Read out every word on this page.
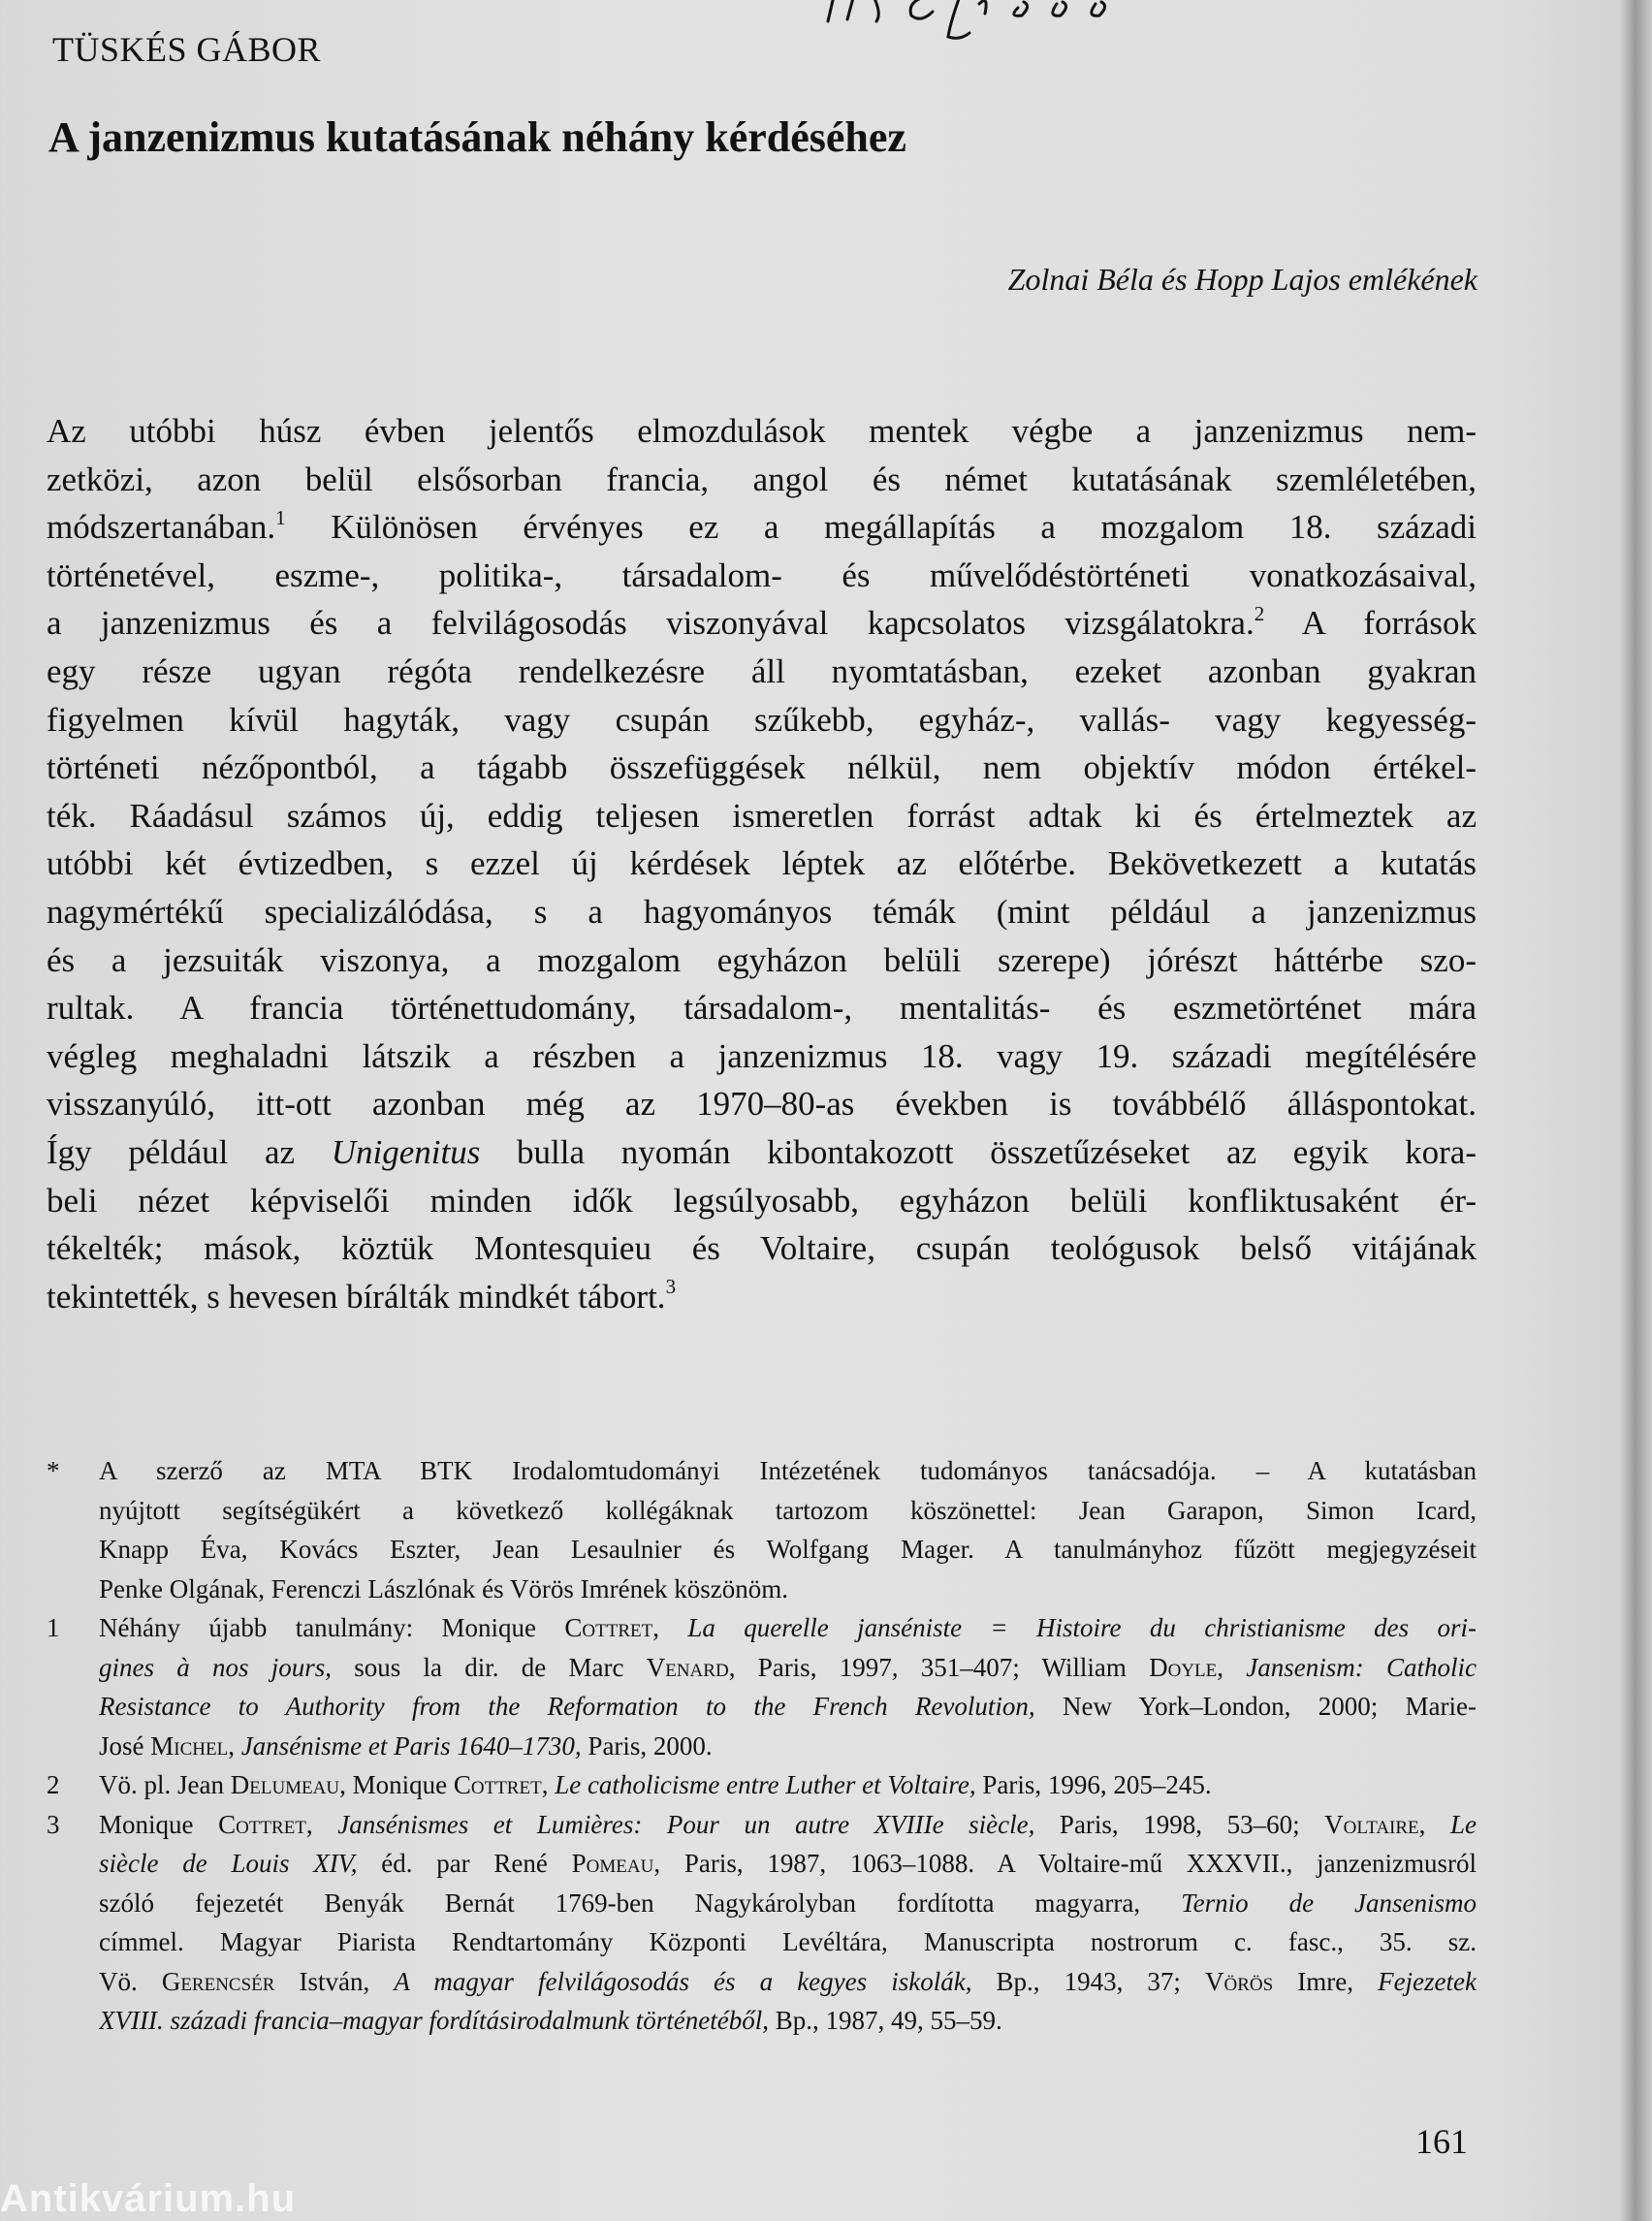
TÜSKÉS GÁBOR
A janzenizmus kutatásának néhány kérdéséhez
Zolnai Béla és Hopp Lajos emlékének
Az utóbbi húsz évben jelentős elmozdulások mentek végbe a janzenizmus nem-
zetközi, azon belül elsősorban francia, angol és német kutatásának szemléletében,
módszertanában.$^1$ Különösen érvényes ez a megállapítás a mozgalom 18. századi
történetével, eszme-, politika-, társadalom- és művelődéstörténeti vonatkozásaival,
a janzenizmus és a felvilágosodás viszonyával kapcsolatos vizsgálatokra.$^2$ A források
egy része ugyan régóta rendelkezésre áll nyomtatásban, ezeket azonban gyakran
figyelmen kívül hagyták, vagy csupán szűkebb, egyház-, vallás- vagy kegyesség-
történeti nézőpontból, a tágabb összefüggések nélkül, nem objektív módon értékel-
ték. Ráadásul számos új, eddig teljesen ismeretlen forrást adtak ki és értelmeztek az
utóbbi két évtizedben, s ezzel új kérdések léptek az előtérbe. Bekövetkezett a kutatás
nagymértékű specializálódása, s a hagyományos témák (mint például a janzenizmus
és a jezsuiták viszonya, a mozgalom egyházon belüli szerepe) jórészt háttérbe szo-
rultak. A francia történettudomány, társadalom-, mentalitás- és eszmetörténet mára
végleg meghaladni látszik a részben a janzenizmus 18. vagy 19. századi megítélésére
visszanyúló, itt-ott azonban még az 1970–80-as években is továbbélő álláspontokat.
Így például az Unigenitus bulla nyomán kibontakozott összetűzéseket az egyik kora-
beli nézet képviselői minden idők legsúlyosabb, egyházon belüli konfliktusaként ér-
tékelték; mások, köztük Montesquieu és Voltaire, csupán teológusok belső vitájának
tekintették, s hevesen bírálták mindkét tábort.$^3$
* A szerző az MTA BTK Irodalomtudományi Intézetének tudományos tanácsadója. – A kutatásban
nyújtott segítségükért a következő kollégáknak tartozom köszönettel: Jean Garapon, Simon Icard,
Knapp Éva, Kovács Eszter, Jean Lesaulnier és Wolfgang Mager. A tanulmányhoz fűzött megjegyzéseit
Penke Olgának, Ferenczi Lászlónak és Vörös Imrének köszönöm.
1 Néhány újabb tanulmány: Monique Cottret, La querelle janséniste = Histoire du christianisme des ori-
gines à nos jours, sous la dir. de Marc Venard, Paris, 1997, 351–407; William Doyle, Jansenism: Catholic
Resistance to Authority from the Reformation to the French Revolution, New York–London, 2000; Marie-
José Michel, Jansénisme et Paris 1640–1730, Paris, 2000.
2 Vö. pl. Jean Delumeau, Monique Cottret, Le catholicisme entre Luther et Voltaire, Paris, 1996, 205–245.
3 Monique Cottret, Jansénismes et Lumières: Pour un autre XVIIIe siècle, Paris, 1998, 53–60; Voltaire, Le
siècle de Louis XIV, éd. par René Pomeau, Paris, 1987, 1063–1088. A Voltaire-mű XXXVII., janzenizmusról
szóló fejezetét Benyák Bernát 1769-ben Nagykárolyban fordította magyarra, Ternio de Jansenismo
címmel. Magyar Piarista Rendtartomány Központi Levéltára, Manuscripta nostrorum c. fasc., 35. sz.
Vö. Gerencsér István, A magyar felvilágosodás és a kegyes iskolák, Bp., 1943, 37; Vörös Imre, Fejezetek
XVIII. századi francia–magyar fordításirodalmunk történetéből, Bp., 1987, 49, 55–59.
161
Antikvárium.hu
